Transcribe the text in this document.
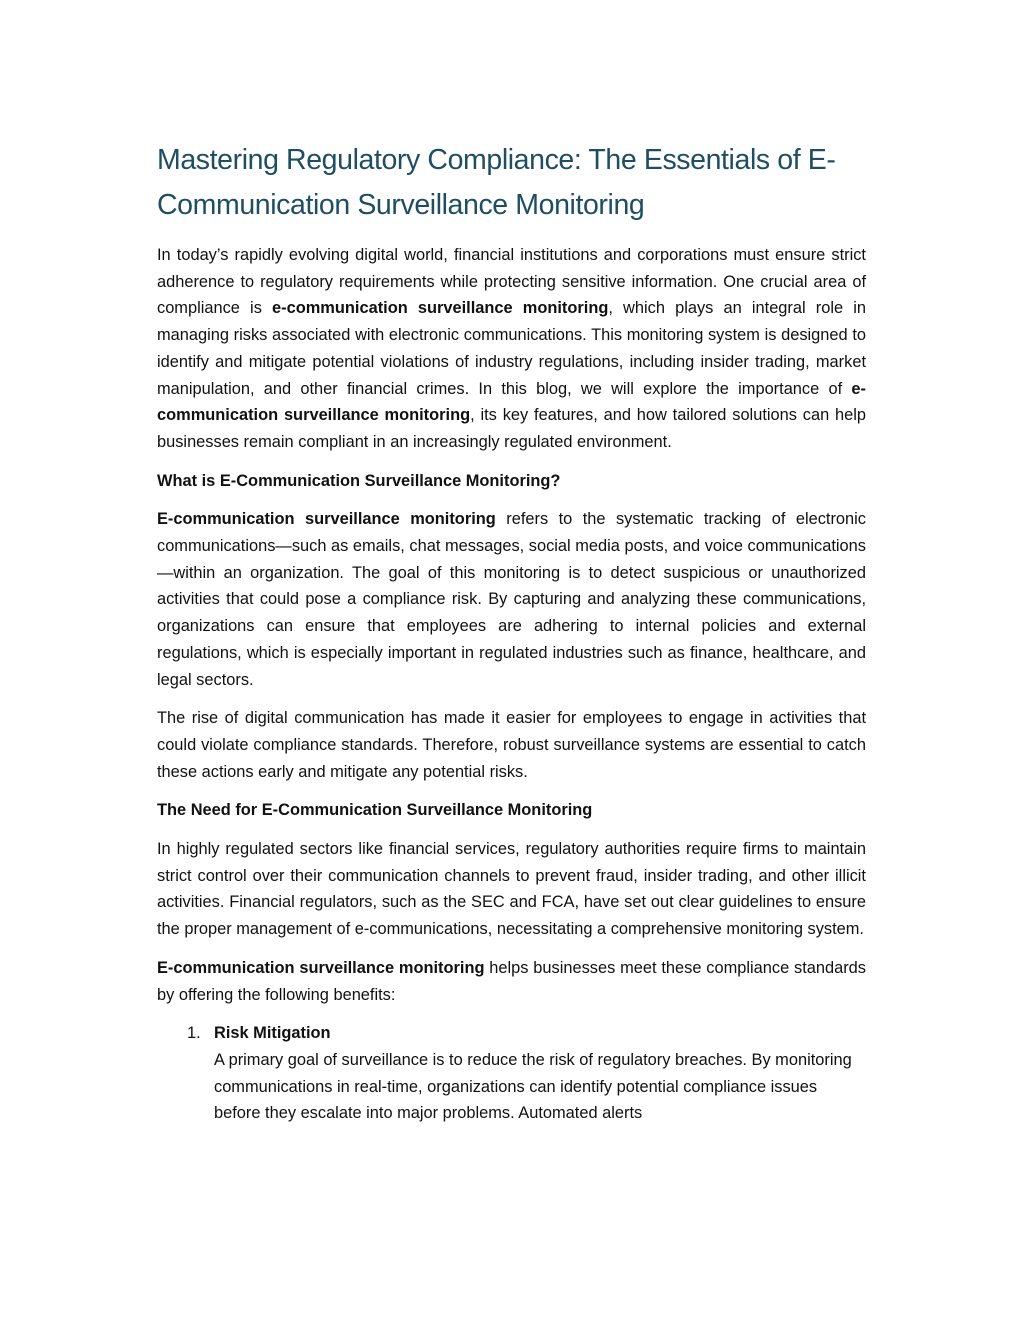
Mastering Regulatory Compliance: The Essentials of E-Communication Surveillance Monitoring

In today’s rapidly evolving digital world, financial institutions and corporations must ensure strict adherence to regulatory requirements while protecting sensitive information. One crucial area of compliance is e-communication surveillance monitoring, which plays an integral role in managing risks associated with electronic communications. This monitoring system is designed to identify and mitigate potential violations of industry regulations, including insider trading, market manipulation, and other financial crimes. In this blog, we will explore the importance of e-communication surveillance monitoring, its key features, and how tailored solutions can help businesses remain compliant in an increasingly regulated environment.

What is E-Communication Surveillance Monitoring?

E-communication surveillance monitoring refers to the systematic tracking of electronic communications—such as emails, chat messages, social media posts, and voice communications—within an organization. The goal of this monitoring is to detect suspicious or unauthorized activities that could pose a compliance risk. By capturing and analyzing these communications, organizations can ensure that employees are adhering to internal policies and external regulations, which is especially important in regulated industries such as finance, healthcare, and legal sectors.

The rise of digital communication has made it easier for employees to engage in activities that could violate compliance standards. Therefore, robust surveillance systems are essential to catch these actions early and mitigate any potential risks.

The Need for E-Communication Surveillance Monitoring

In highly regulated sectors like financial services, regulatory authorities require firms to maintain strict control over their communication channels to prevent fraud, insider trading, and other illicit activities. Financial regulators, such as the SEC and FCA, have set out clear guidelines to ensure the proper management of e-communications, necessitating a comprehensive monitoring system.

E-communication surveillance monitoring helps businesses meet these compliance standards by offering the following benefits:

1. Risk Mitigation
A primary goal of surveillance is to reduce the risk of regulatory breaches. By monitoring communications in real-time, organizations can identify potential compliance issues before they escalate into major problems. Automated alerts
